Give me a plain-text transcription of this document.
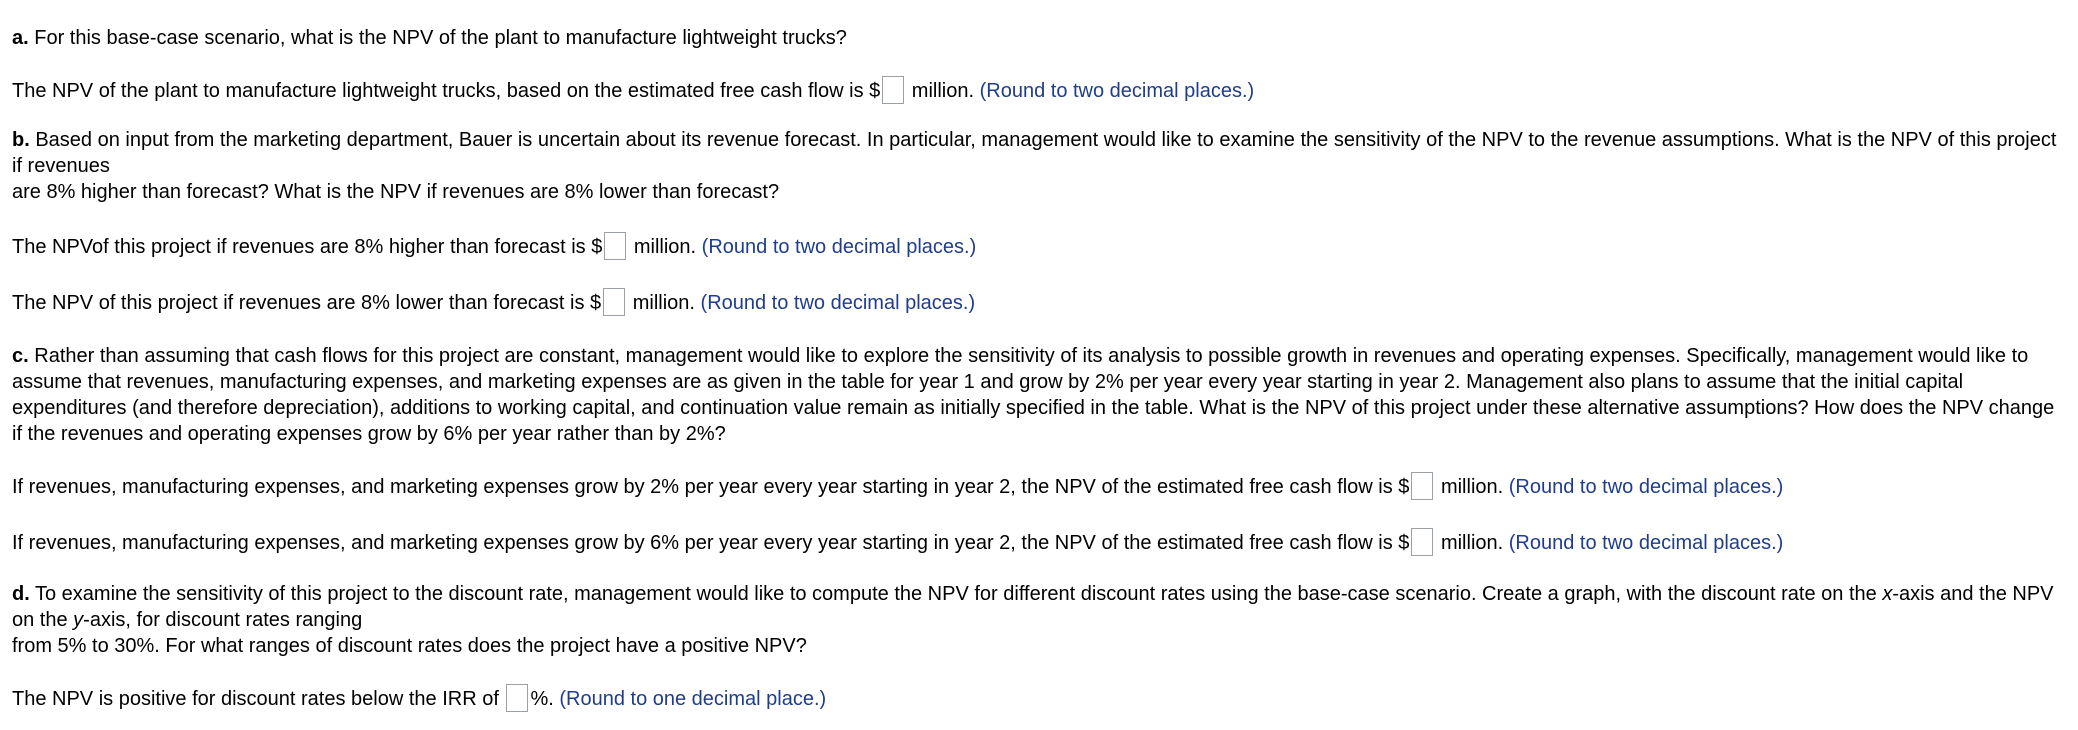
a. For this base-case scenario, what is the NPV of the plant to manufacture lightweight trucks?
The NPV of the plant to manufacture lightweight trucks, based on the estimated free cash flow is $ million. (Round to two decimal places.)
b. Based on input from the marketing department, Bauer is uncertain about its revenue forecast. In particular, management would like to examine the sensitivity of the NPV to the revenue assumptions. What is the NPV of this project if revenues
are 8% higher than forecast? What is the NPV if revenues are 8% lower than forecast?
The NPVof this project if revenues are 8% higher than forecast is $ million. (Round to two decimal places.)
The NPV of this project if revenues are 8% lower than forecast is $ million. (Round to two decimal places.)
c. Rather than assuming that cash flows for this project are constant, management would like to explore the sensitivity of its analysis to possible growth in revenues and operating expenses. Specifically, management would like to assume that revenues, manufacturing expenses, and marketing expenses are as given in the table for year 1 and grow by 2% per year every year starting in year 2. Management also plans to assume that the initial capital expenditures (and therefore depreciation), additions to working capital, and continuation value remain as initially specified in the table. What is the NPV of this project under these alternative assumptions? How does the NPV change if the revenues and operating expenses grow by 6% per year rather than by 2%?
If revenues, manufacturing expenses, and marketing expenses grow by 2% per year every year starting in year 2, the NPV of the estimated free cash flow is $ million. (Round to two decimal places.)
If revenues, manufacturing expenses, and marketing expenses grow by 6% per year every year starting in year 2, the NPV of the estimated free cash flow is $ million. (Round to two decimal places.)
d. To examine the sensitivity of this project to the discount rate, management would like to compute the NPV for different discount rates using the base-case scenario. Create a graph, with the discount rate on the x-axis and the NPV on the y-axis, for discount rates ranging
from 5% to 30%. For what ranges of discount rates does the project have a positive NPV?
The NPV is positive for discount rates below the IRR of %. (Round to one decimal place.)
